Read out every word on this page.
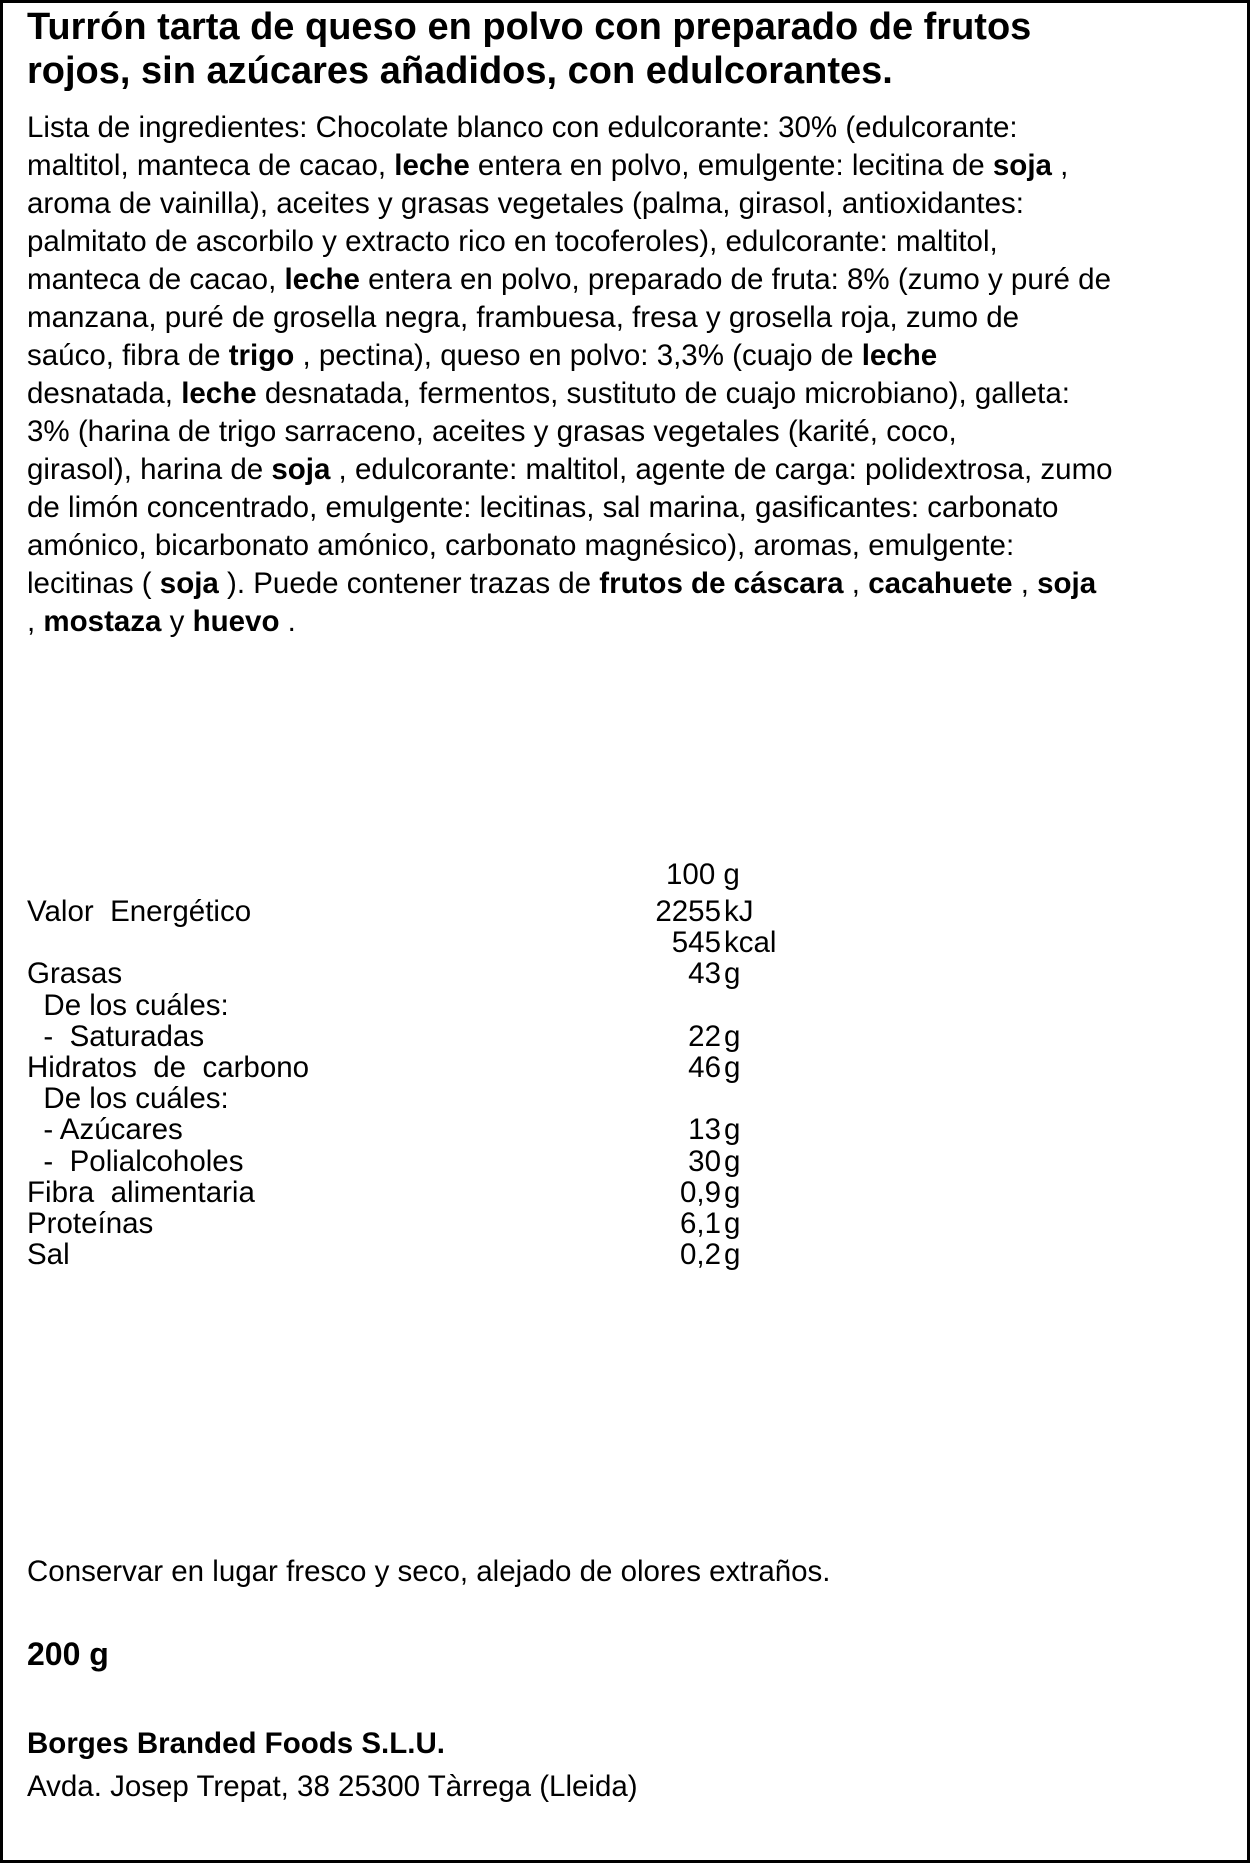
Turrón tarta de queso en polvo con preparado de frutos
rojos, sin azúcares añadidos, con edulcorantes.
Lista de ingredientes: Chocolate blanco con edulcorante: 30% (edulcorante:
maltitol, manteca de cacao, leche entera en polvo, emulgente: lecitina de soja ,
aroma de vainilla), aceites y grasas vegetales (palma, girasol, antioxidantes:
palmitato de ascorbilo y extracto rico en tocoferoles), edulcorante: maltitol,
manteca de cacao, leche entera en polvo, preparado de fruta: 8% (zumo y puré de
manzana, puré de grosella negra, frambuesa, fresa y grosella roja, zumo de
saúco, fibra de trigo , pectina), queso en polvo: 3,3% (cuajo de leche
desnatada, leche desnatada, fermentos, sustituto de cuajo microbiano), galleta:
3% (harina de trigo sarraceno, aceites y grasas vegetales (karité, coco,
girasol), harina de soja , edulcorante: maltitol, agente de carga: polidextrosa, zumo
de limón concentrado, emulgente: lecitinas, sal marina, gasificantes: carbonato
amónico, bicarbonato amónico, carbonato magnésico), aromas, emulgente:
lecitinas ( soja ). Puede contener trazas de frutos de cáscara , cacahuete , soja
, mostaza y huevo .
100 g
Valor  Energético	2255 kJ
545 kcal
Grasas	43 g
De los cuáles:
-  Saturadas	22 g
Hidratos  de  carbono	46 g
De los cuáles:
- Azúcares	13 g
-  Polialcoholes	30 g
Fibra  alimentaria	0,9 g
Proteínas	6,1 g
Sal	0,2 g
Conservar en lugar fresco y seco, alejado de olores extraños.
200 g
Borges Branded Foods S.L.U.
Avda. Josep Trepat, 38 25300 Tàrrega (Lleida)
